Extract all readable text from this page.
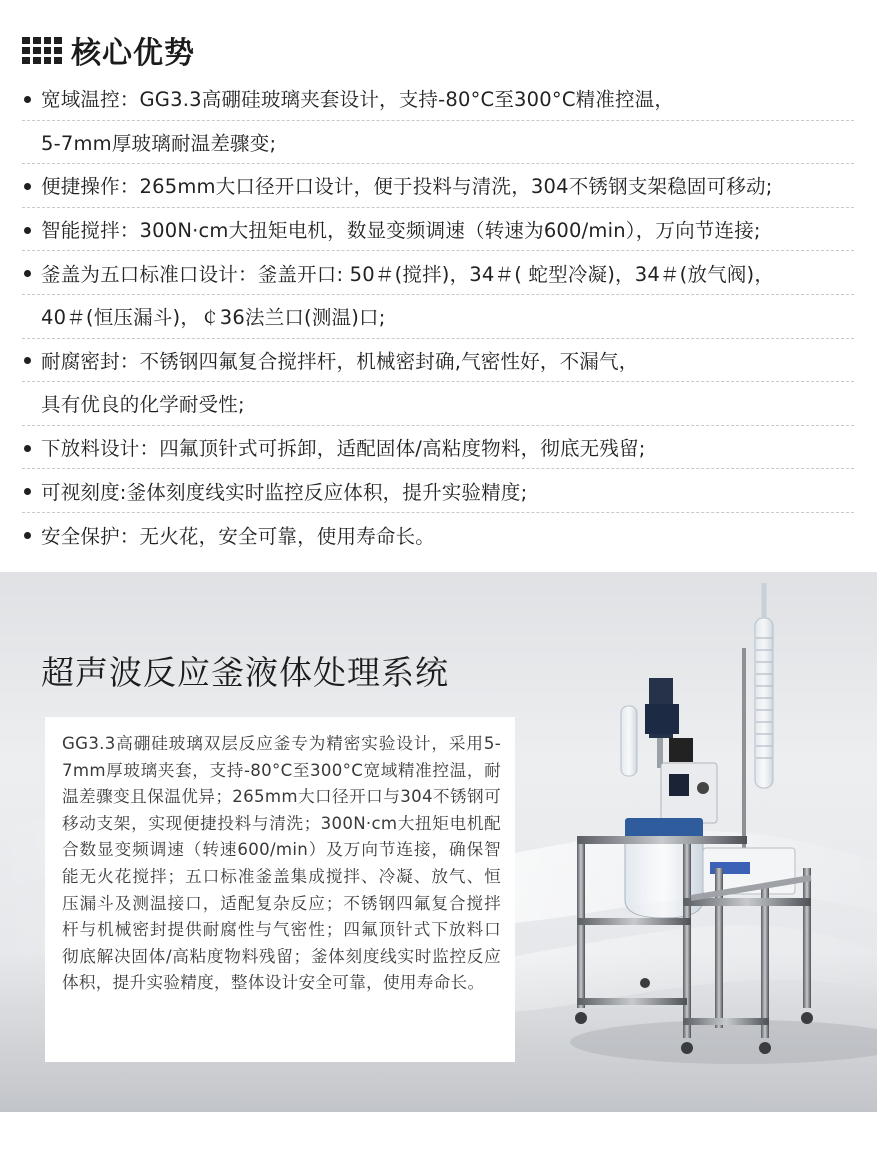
核心优势
宽域温控：GG3.3高硼硅玻璃夹套设计，支持-80°C至300°C精准控温，
5-7mm厚玻璃耐温差骤变;
便捷操作：265mm大口径开口设计，便于投料与清洗，304不锈钢支架稳固可移动;
智能搅拌：300N·cm大扭矩电机，数显变频调速（转速为600/min），万向节连接;
釜盖为五口标准口设计：釜盖开口: 50＃(搅拌)，34＃( 蛇型冷凝)，34＃(放气阀)，
40＃(恒压漏斗)，￠36法兰口(测温)口;
耐腐密封：不锈钢四氟复合搅拌杆，机械密封确,气密性好，不漏气，
具有优良的化学耐受性;
下放料设计：四氟顶针式可拆卸，适配固体/高粘度物料，彻底无残留;
可视刻度:釜体刻度线实时监控反应体积，提升实验精度;
安全保护：无火花，安全可靠，使用寿命长。
超声波反应釜液体处理系统

GG3.3高硼硅玻璃双层反应釜专为精密实验设计，采用5-7mm厚玻璃夹套，支持-80°C至300°C宽域精准控温，耐温差骤变且保温优异；265mm大口径开口与304不锈钢可移动支架，实现便捷投料与清洗；300N·cm大扭矩电机配合数显变频调速（转速600/min）及万向节连接，确保智能无火花搅拌；五口标准釜盖集成搅拌、冷凝、放气、恒压漏斗及测温接口，适配复杂反应；不锈钢四氟复合搅拌杆与机械密封提供耐腐性与气密性；四氟顶针式下放料口彻底解决固体/高粘度物料残留；釜体刻度线实时监控反应体积，提升实验精度，整体设计安全可靠，使用寿命长。
